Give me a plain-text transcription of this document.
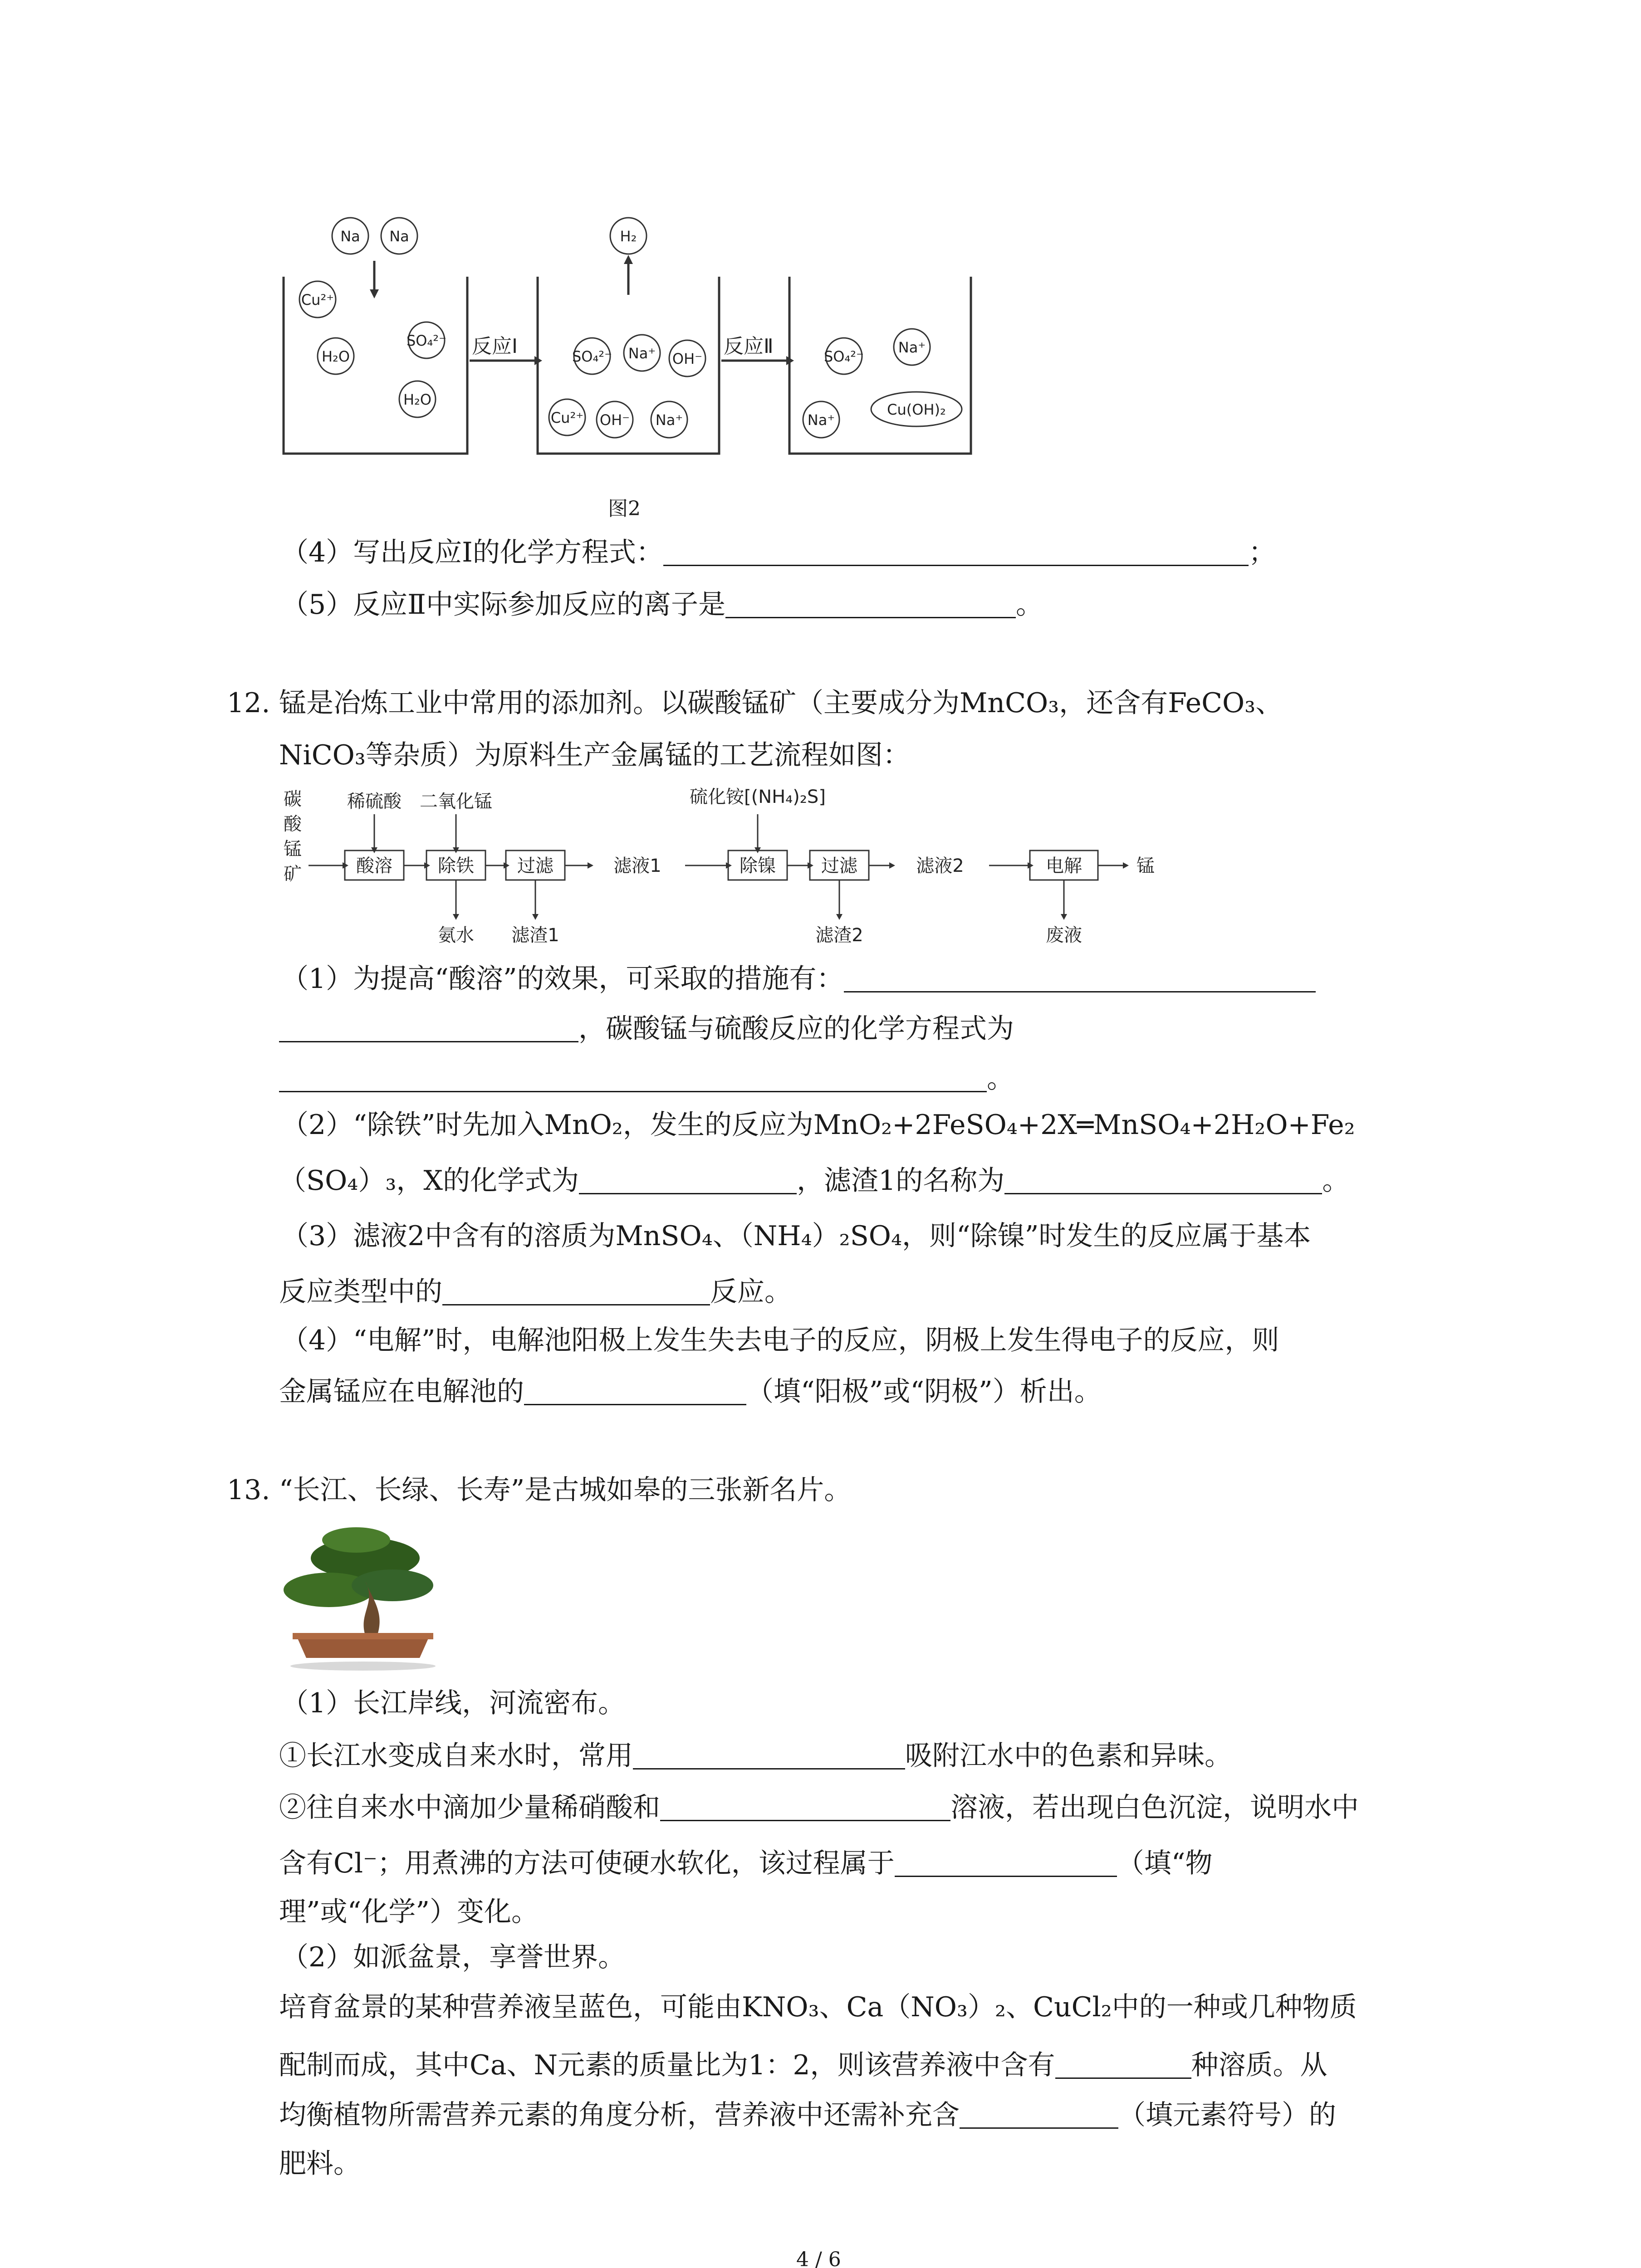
反应Ⅰ	反应Ⅱ
Na Na
Cu²⁺
SO₄²⁻
H₂O
H₂O
H₂
SO₄²⁻ Na⁺ OH⁻
Cu²⁺ OH⁻ Na⁺
SO₄²⁻
Na⁺
Na⁺
Cu(OH)₂
图2
（4）写出反应Ⅰ的化学方程式：	；
（5）反应Ⅱ中实际参加反应的离子是	。
12. 锰是冶炼工业中常用的添加剂。以碳酸锰矿（主要成分为MnCO₃，还含有FeCO₃、
NiCO₃等杂质）为原料生产金属锰的工艺流程如图：
碳
酸
锰
矿	酸溶	除铁 过滤	除镍	过滤	电解
稀硫酸 二氧化锰	硫化铵[(NH₄)₂S]
氨水 滤渣1	滤渣2	废液
滤液1	滤液2	锰
（1）为提高“酸溶”的效果，可采取的措施有：
，碳酸锰与硫酸反应的化学方程式为
。
（2）“除铁”时先加入MnO₂，发生的反应为MnO₂+2FeSO₄+2X═MnSO₄+2H₂O+Fe₂
（SO₄）₃，X的化学式为	，滤渣1的名称为	。
（3）滤液2中含有的溶质为MnSO₄、（NH₄）₂SO₄，则“除镍”时发生的反应属于基本
反应类型中的	反应。
（4）“电解”时，电解池阳极上发生失去电子的反应，阴极上发生得电子的反应，则
金属锰应在电解池的	（填“阳极”或“阴极”）析出。
13. “长江、长绿、长寿”是古城如皋的三张新名片。
（1）长江岸线，河流密布。
①长江水变成自来水时，常用	吸附江水中的色素和异味。
②往自来水中滴加少量稀硝酸和	溶液，若出现白色沉淀，说明水中
含有Cl⁻；用煮沸的方法可使硬水软化，该过程属于	（填“物
理”或“化学”）变化。
（2）如派盆景，享誉世界。
培育盆景的某种营养液呈蓝色，可能由KNO₃、Ca（NO₃）₂、CuCl₂中的一种或几种物质
配制而成，其中Ca、N元素的质量比为1：2，则该营养液中含有	种溶质。从
均衡植物所需营养元素的角度分析，营养液中还需补充含	（填元素符号）的
肥料。
4 / 6
